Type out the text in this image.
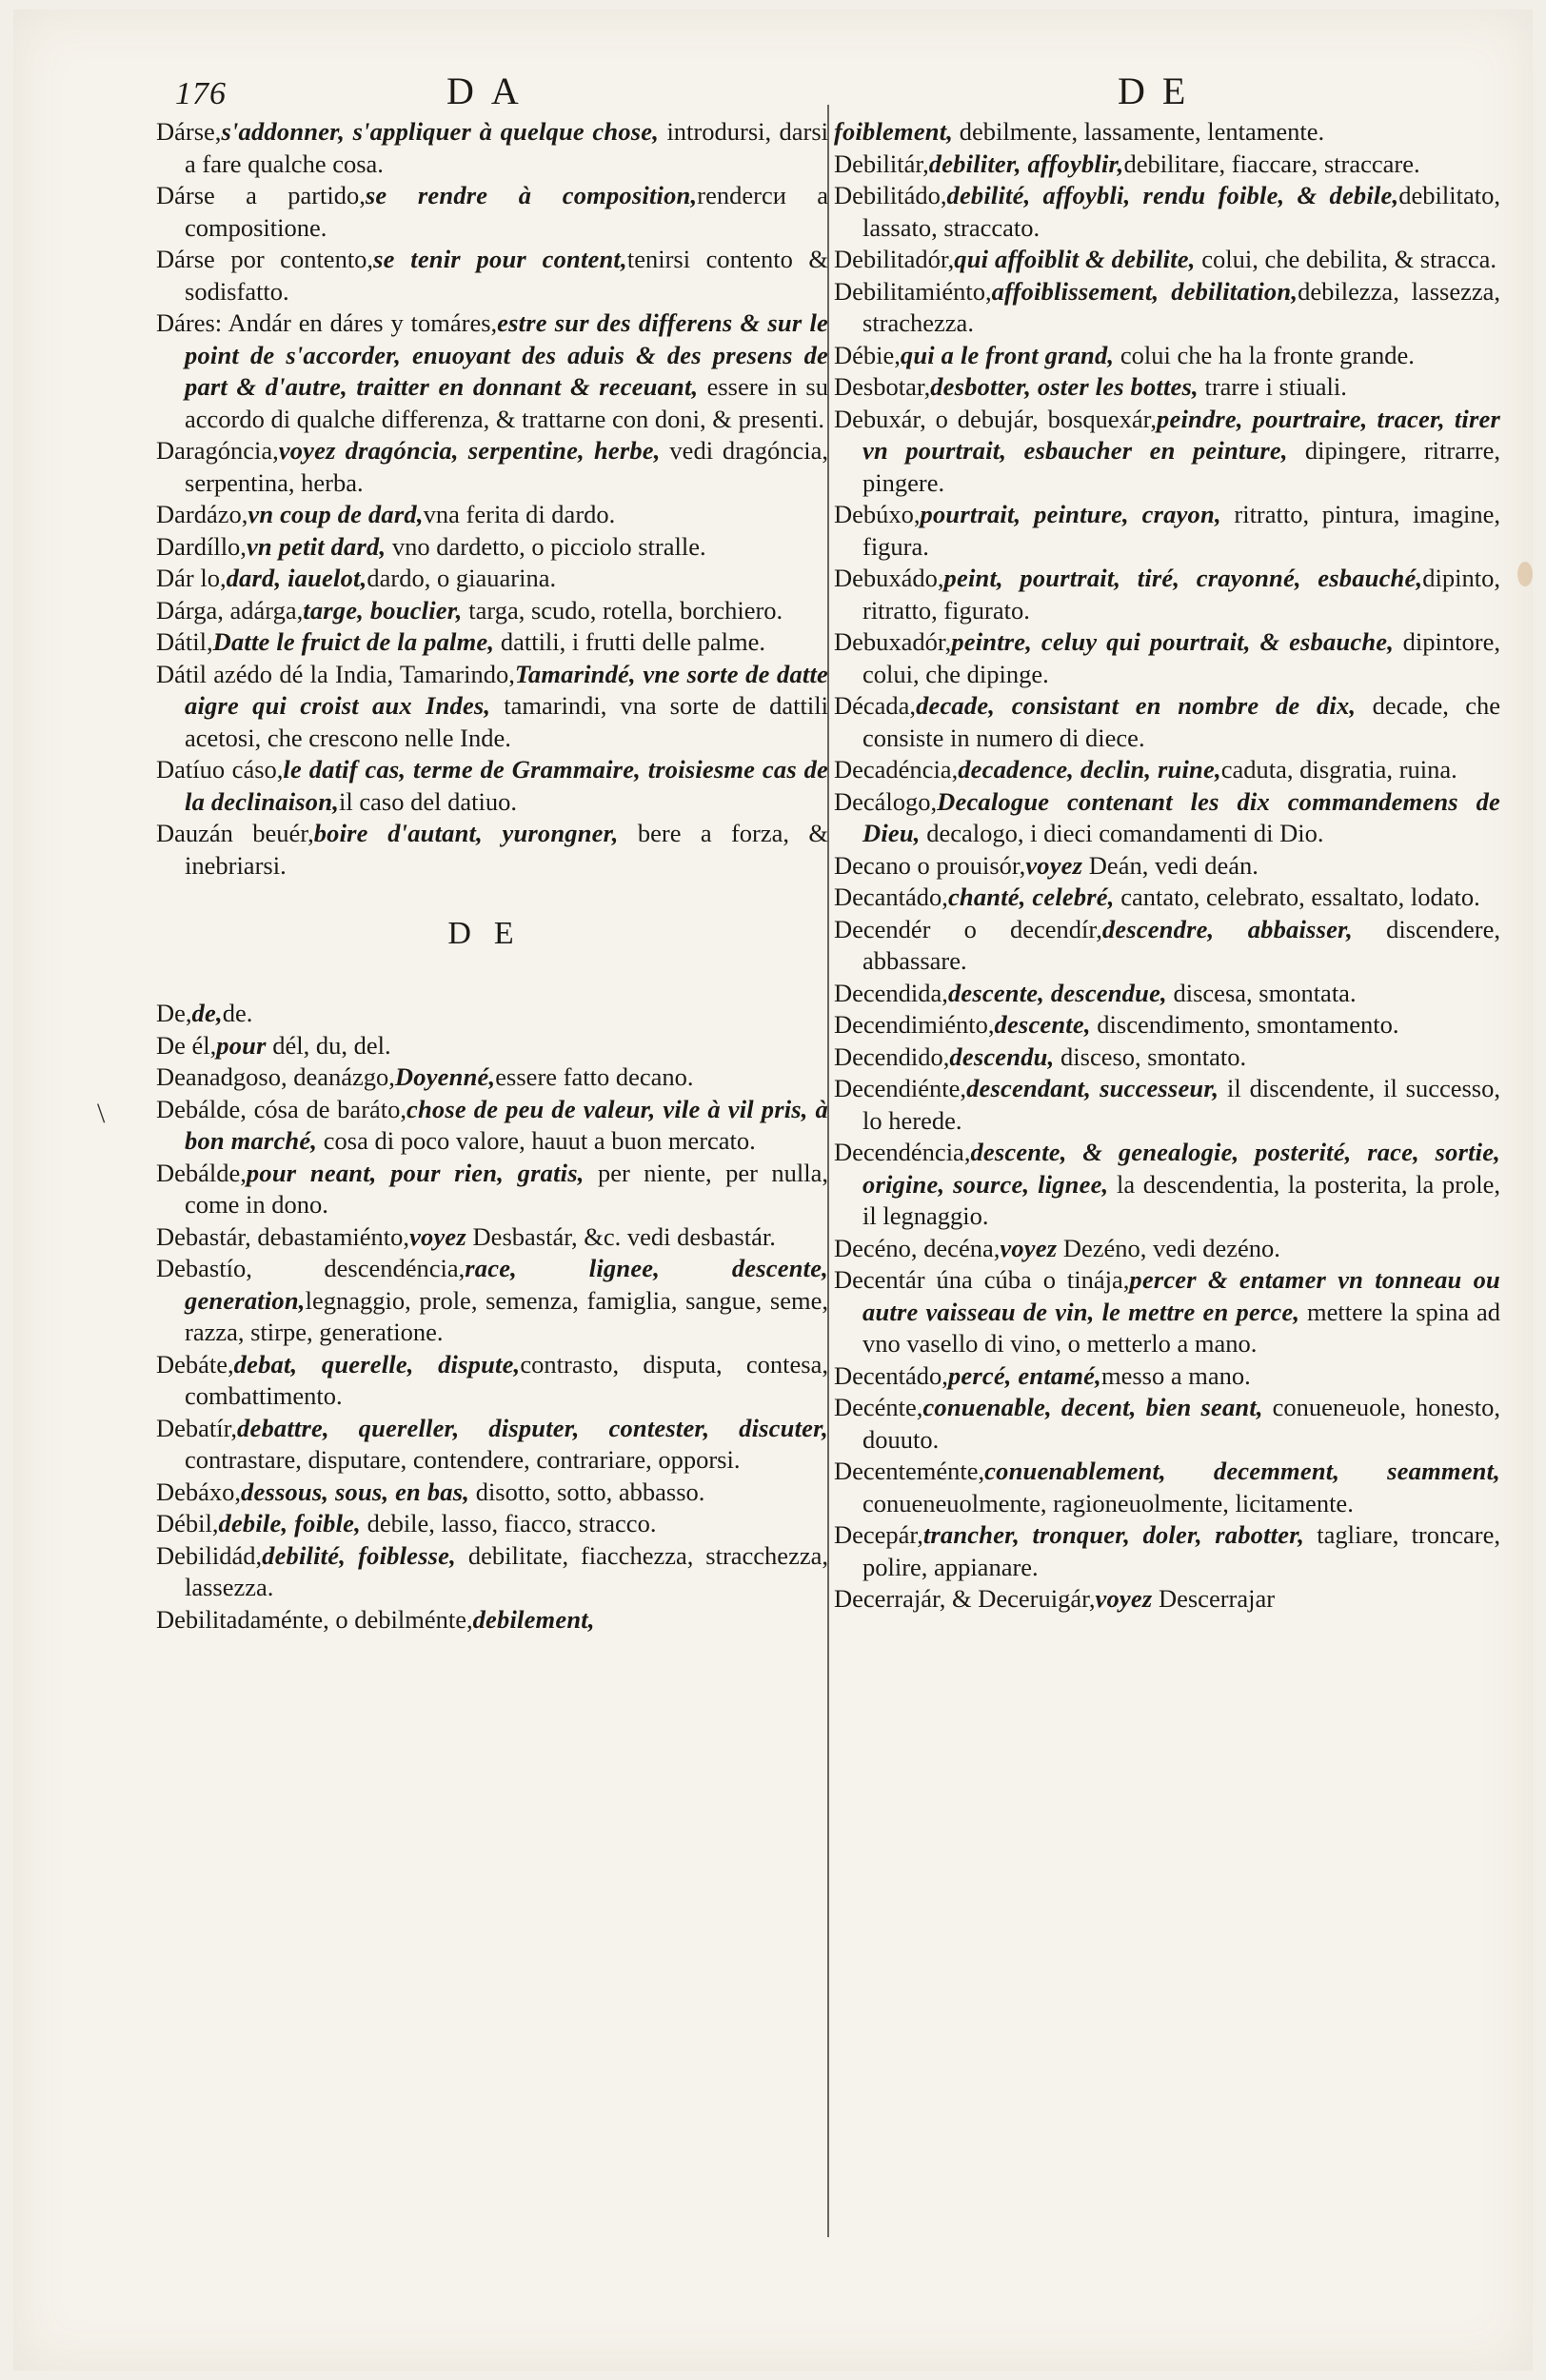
176	DA	DE
\

Dárse,s'addonner, s'appliquer à quelque chose, introdursi, darsi a fare qualche cosa.

Dárse a partido,se rendre à composition,renderси a compositione.

Dárse por contento,se tenir pour content,tenirsi contento & sodisfatto.

Dáres: Andár en dáres y tomáres,estre sur des differens & sur le point de s'accorder, enuoyant des aduis & des presens de part & d'autre, traitter en donnant & receuant, essere in su accordo di qualche differenza, & trattarne con doni, & presenti.

Daragóncia,voyez dragóncia, serpentine, herbe, vedi dragóncia, serpentina, herba.

Dardázo,vn coup de dard,vna ferita di dardo.

Dardíllo,vn petit dard, vno dardetto, o picciolo stralle.

Dár lo,dard, iauelot,dardo, o giauarina.

Dárga, adárga,targe, bouclier, targa, scudo, rotella, borchiero.

Dátil,Datte le fruict de la palme, dattili, i frutti delle palme.

Dátil azédo dé la India, Tamarindo,Tamarindé, vne sorte de datte aigre qui croist aux Indes, tamarindi, vna sorte de dattili acetosi, che crescono nelle Inde.

Datíuo cáso,le datif cas, terme de Grammaire, troisiesme cas de la declinaison,il caso del datiuo.

Dauzán beuér,boire d'autant, yurongner, bere a forza, & inebriarsi.

DE

De,de,de.

De él,pour dél, du, del.

Deanadgoso, deanázgo,Doyenné,essere fatto decano.

Debálde, cósa de baráto,chose de peu de valeur, vile à vil pris, à bon marché, cosa di poco valore, hauut a buon mercato.

Debálde,pour neant, pour rien, gratis, per niente, per nulla, come in dono.

Debastár, debastamiénto,voyez Desbastár, &c. vedi desbastár.

Debastío, descendéncia,race, lignee, descente, generation,legnaggio, prole, semenza, famiglia, sangue, seme, razza, stirpe, generatione.

Debáte,debat, querelle, dispute,contrasto, disputa, contesa, combattimento.

Debatír,debattre, quereller, disputer, contester, discuter, contrastare, disputare, contendere, contrariare, opporsi.

Debáxo,dessous, sous, en bas, disotto, sotto, abbasso.

Débil,debile, foible, debile, lasso, fiacco, stracco.

Debilidád,debilité, foiblesse, debilitate, fiacchezza, stracchezza, lassezza.

Debilitadaménte, o debilménte,debilement,

foiblement, debilmente, lassamente, lentamente.

Debilitár,debiliter, affoyblir,debilitare, fiaccare, straccare.

Debilitádo,debilité, affoybli, rendu foible, & debile,debilitato, lassato, straccato.

Debilitadór,qui affoiblit & debilite, colui, che debilita, & stracca.

Debilitamiénto,affoiblissement, debilitation,debilezza, lassezza, strachezza.

Débie,qui a le front grand, colui che ha la fronte grande.

Desbotar,desbotter, oster les bottes, trarre i stiuali.

Debuxár, o debujár, bosquexár,peindre, pourtraire, tracer, tirer vn pourtrait, esbaucher en peinture, dipingere, ritrarre, pingere.

Debúxo,pourtrait, peinture, crayon, ritratto, pintura, imagine, figura.

Debuxádo,peint, pourtrait, tiré, crayonné, esbauché,dipinto, ritratto, figurato.

Debuxadór,peintre, celuy qui pourtrait, & esbauche, dipintore, colui, che dipinge.

Década,decade, consistant en nombre de dix, decade, che consiste in numero di diece.

Decadéncia,decadence, declin, ruine,caduta, disgratia, ruina.

Decálogo,Decalogue contenant les dix commandemens de Dieu, decalogo, i dieci comandamenti di Dio.

Decano o prouisór,voyez Deán, vedi deán.

Decantádo,chanté, celebré, cantato, celebrato, essaltato, lodato.

Decendér o decendír,descendre, abbaisser, discendere, abbassare.

Decendida,descente, descendue, discesa, smontata.

Decendimiénto,descente, discendimento, smontamento.

Decendido,descendu, disceso, smontato.

Decendiénte,descendant, successeur, il discendente, il successo, lo herede.

Decendéncia,descente, & genealogie, posterité, race, sortie, origine, source, lignee, la descendentia, la posterita, la prole, il legnaggio.

Decéno, decéna,voyez Dezéno, vedi dezéno.

Decentár úna cúba o tinája,percer & entamer vn tonneau ou autre vaisseau de vin, le mettre en perce, mettere la spina ad vno vasello di vino, o metterlo a mano.

Decentádo,percé, entamé,messo a mano.

Decénte,conuenable, decent, bien seant, conueneuole, honesto, douuto.

Decenteménte,conuenablement, decemment, seamment, conueneuolmente, ragioneuolmente, licitamente.

Decepár,trancher, tronquer, doler, rabotter, tagliare, troncare, polire, appianare.

Decerrajár, & Deceruigár,voyez Descerrajar
